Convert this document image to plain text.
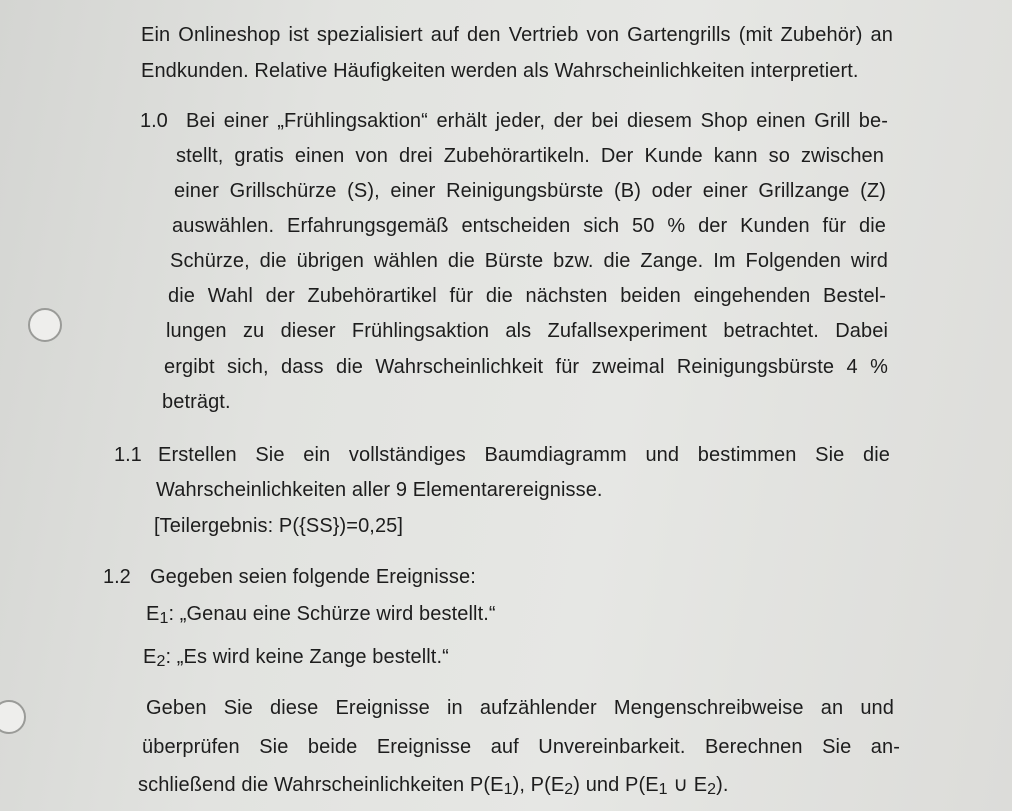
Ein Onlineshop ist spezialisiert auf den Vertrieb von Gartengrills (mit Zubehör) an
Endkunden. Relative Häufigkeiten werden als Wahrscheinlichkeiten interpretiert.
1.0 Bei einer „Frühlingsaktion“ erhält jeder, der bei diesem Shop einen Grill be-
stellt, gratis einen von drei Zubehörartikeln. Der Kunde kann so zwischen
einer Grillschürze (S), einer Reinigungsbürste (B) oder einer Grillzange (Z)
auswählen. Erfahrungsgemäß entscheiden sich 50 % der Kunden für die
Schürze, die übrigen wählen die Bürste bzw. die Zange. Im Folgenden wird
die Wahl der Zubehörartikel für die nächsten beiden eingehenden Bestel-
lungen zu dieser Frühlingsaktion als Zufallsexperiment betrachtet. Dabei
ergibt sich, dass die Wahrscheinlichkeit für zweimal Reinigungsbürste 4 %
beträgt.
1.1 Erstellen Sie ein vollständiges Baumdiagramm und bestimmen Sie die
Wahrscheinlichkeiten aller 9 Elementarereignisse.
[Teilergebnis: P({SS})=0,25]
1.2 Gegeben seien folgende Ereignisse:
$E_1$: „Genau eine Schürze wird bestellt.“
$E_2$: „Es wird keine Zange bestellt.“
Geben Sie diese Ereignisse in aufzählender Mengenschreibweise an und
überprüfen Sie beide Ereignisse auf Unvereinbarkeit. Berechnen Sie an-
schließend die Wahrscheinlichkeiten $P(E_1)$, $P(E_2)$ und $P(E_1$ ∪ $E_2$).
